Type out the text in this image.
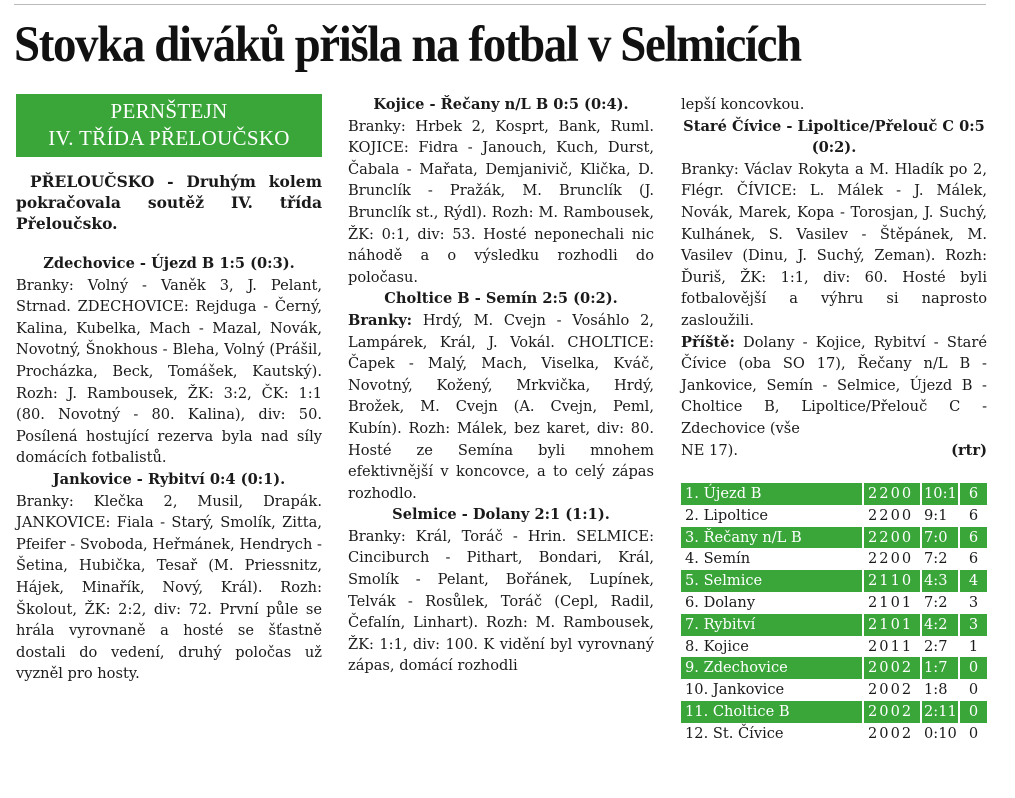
Stovka diváků přišla na fotbal v Selmicích
PERNŠTEJN
IV. TŘÍDA PŘELOUČSKO

PŘELOUČSKO - Druhým kolem pokračovala soutěž IV. třída Přeloučsko.

Zdechovice - Újezd B 1:5 (0:3).
Branky: Volný - Vaněk 3, J. Pelant, Strnad. ZDECHOVICE: Rejduga - Černý, Kalina, Kubelka, Mach - Mazal, Novák, Novotný, Šnokhous - Bleha, Volný (Prášil, Procházka, Beck, Tomášek, Kautský). Rozh: J. Rambousek, ŽK: 3:2, ČK: 1:1 (80. Novotný - 80. Kalina), div: 50. Posílená hostující rezerva byla nad síly domácích fotbalistů.

Jankovice - Rybitví 0:4 (0:1).
Branky: Klečka 2, Musil, Drapák. JANKOVICE: Fiala - Starý, Smolík, Zitta, Pfeifer - Svoboda, Heřmánek, Hendrych - Šetina, Hubička, Tesař (M. Priessnitz, Hájek, Minařík, Nový, Král). Rozh: Školout, ŽK: 2:2, div: 72. První půle se hrála vyrovnaně a hosté se šťastně dostali do vedení, druhý poločas už vyzněl pro hosty.

Kojice - Řečany n/L B 0:5 (0:4).
Branky: Hrbek 2, Kosprt, Bank, Ruml. KOJICE: Fidra - Janouch, Kuch, Durst, Čabala - Mařata, Demjanivič, Klička, D. Brunclík - Pražák, M. Brunclík (J. Brunclík st., Rýdl). Rozh: M. Rambousek, ŽK: 0:1, div: 53. Hosté neponechali nic náhodě a o výsledku rozhodli do poločasu.

Choltice B - Semín 2:5 (0:2).
Branky: Hrdý, M. Cvejn - Vosáhlo 2, Lampárek, Král, J. Vokál. CHOLTICE: Čapek - Malý, Mach, Viselka, Kváč, Novotný, Kožený, Mrkvička, Hrdý, Brožek, M. Cvejn (A. Cvejn, Peml, Kubín). Rozh: Málek, bez karet, div: 80. Hosté ze Semína byli mnohem efektivnější v koncovce, a to celý zápas rozhodlo.

Selmice - Dolany 2:1 (1:1).
Branky: Král, Toráč - Hrin. SELMICE: Cinciburch - Pithart, Bondari, Král, Smolík - Pelant, Bořánek, Lupínek, Telvák - Rosůlek, Toráč (Cepl, Radil, Čefalín, Linhart). Rozh: M. Rambousek, ŽK: 1:1, div: 100. K vidění byl vyrovnaný zápas, domácí rozhodli

lepší koncovkou.

Staré Čívice - Lipoltice/Přelouč C 0:5 (0:2).
Branky: Václav Rokyta a M. Hladík po 2, Flégr. ČÍVICE: L. Málek - J. Málek, Novák, Marek, Kopa - Torosjan, J. Suchý, Kulhánek, S. Vasilev - Štěpánek, M. Vasilev (Dinu, J. Suchý, Zeman). Rozh: Ďuriš, ŽK: 1:1, div: 60. Hosté byli fotbalovější a výhru si naprosto zasloužili.

Příště: Dolany - Kojice, Rybitví - Staré Čívice (oba SO 17), Řečany n/L B - Jankovice, Semín - Selmice, Újezd B - Choltice B, Lipoltice/Přelouč C - Zdechovice (vše

NE 17).	(rtr)
1. Újezd B	2200 10:1 6
2. Lipoltice	2200 9:1	6
3. Řečany n/L B	2200 7:0	6
4. Semín	2200 7:2	6
5. Selmice	2110 4:3	4
6. Dolany	2101 7:2	3
7. Rybitví	2101 4:2	3
8. Kojice	2011 2:7	1
9. Zdechovice	2002 1:7	0
10. Jankovice	2002 1:8	0
11. Choltice B	2002 2:11 0
12. St. Čívice	2002 0:10 0
